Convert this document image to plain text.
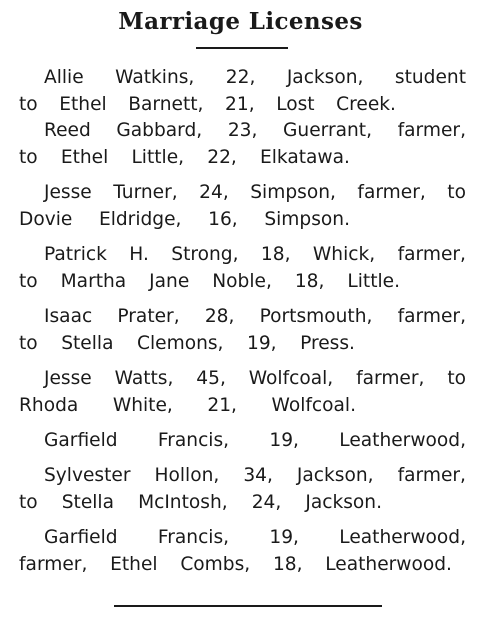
Marriage Licenses
Allie Watkins, 22, Jackson, student
to Ethel Barnett, 21, Lost Creek.
Reed Gabbard, 23, Guerrant, farmer,
to Ethel Little, 22, Elkatawa.
Jesse Turner, 24, Simpson, farmer, to
Dovie Eldridge, 16, Simpson.
Patrick H. Strong, 18, Whick, farmer,
to Martha Jane Noble, 18, Little.
Isaac Prater, 28, Portsmouth, farmer,
to Stella Clemons, 19, Press.
Jesse Watts, 45, Wolfcoal, farmer, to
Rhoda White, 21, Wolfcoal.
Garfield Francis, 19, Leatherwood,
Sylvester Hollon, 34, Jackson, farmer,
to Stella McIntosh, 24, Jackson.
Garfield Francis, 19, Leatherwood,
farmer, Ethel Combs, 18, Leatherwood.
